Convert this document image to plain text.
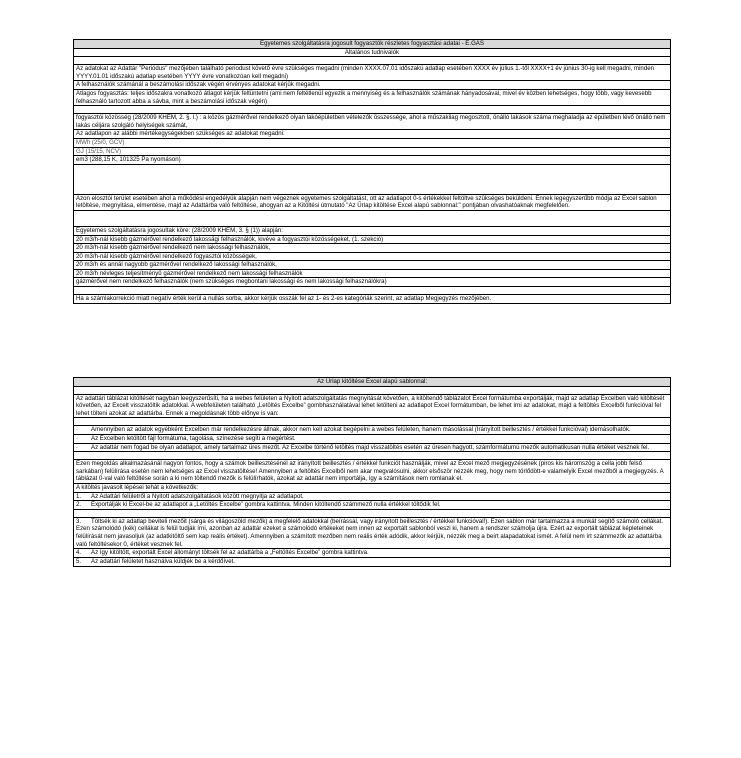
Egyetemes szolgáltatásra jogosult fogyasztók részletes fogyasztási adatai - E.GAS
Általános tudnivalók
Az adatokat az Adattár "Periódus" mezőjében található periodust követő évre szükséges megadni (minden XXXX.07.01 időszakú adatlap esetében XXXX év július 1.-től XXXX+1 év június 30-ig kell megadni, minden YYYY.01.01 időszakú adatlap esetében YYYY évre vonatkozóan kell megadni)
A felhasználók számánál a beszámolási időszak végén érvényes adatokat kérjük megadni.
Átlagos fogyasztás: teljes időszakra vonatkozó átlagot kérjük feltüntetni (ami nem feltétlenül egyezik a mennyiség és a felhasználók számának hányadosával, mivel év közben lehetséges, hogy több, vagy kevesebb felhasználó tartozott abba a sávba, mint a beszámolási időszak végén)
fogyasztói közösség (28/2009 KHEM, 2. §. l.) : a közös gázmérővel rendelkező olyan lakóépületben vételezők összessége, ahol a műszakilag megosztott, önálló lakások száma meghaladja az épületben lévő önálló nem lakás céljára szolgáló helyiségek számát,
Az adatlapon az alábbi mértékegységekben szükséges az adatokat megadni:
MWh (25/0, GCV)
GJ (15/15, NCV)
em3 (288,15 K, 101325 Pa nyomáson)
Azon elosztói terület esetében ahol a működési engedélyük alapján nem végeznek egyetemes szolgáltatást, ott az adatlapot 0-s értékekkel feltöltve szükséges beküldeni. Ennek legegyszerűbb módja az Excel sablon letöltése, megnyitása, elmentése, majd az Adattárba való feltöltése, ahogyan az a Kitöltési útmutató "Az Űrlap kitöltése Excel alapú sablonnal:" pontjában olvashatóaknak megfelelően.
Egyetemes szolgáltatásra jogosultak köre: (28/2009 KHEM, 3. § (1)) alapján:
20 m3/h-nál kisebb gázmérővel rendelkező lakossági felhasználók, kivéve a fogyasztói közösségeket, (1. szekció)
20 m3/h-nál kisebb gázmérővel rendelkező nem lakossági felhasználók,
20 m3/h-nál kisebb gázmérővel rendelkező fogyasztói közösségek,
20 m3/h és annál nagyobb gázmérővel rendelkező lakossági felhasználók,
20 m3/h névleges teljesítményű gázmérővel rendelkező nem lakossági felhasználók
gázmérővel nem rendelkező felhasználók (nem szükséges megbontani lakossági és nem lakossági felhasználókra)
Ha a számlakorrekció miatt negatív érték kerül a nullás sorba, akkor kérjük osszák fel az 1- és 2-es kategóriák szerint, az adatlap Megjegyzés mezőjében.
Az Űrlap kitöltése Excel alapú sablonnal:
Az adattári táblázat kitöltését nagyban leegyszerűsíti, ha a webes felületen a Nyitott adatszolgáltatás megnyitását követően, a kitöltendő táblázatot Excel formátumba exportálják, majd az adatlap Excelben való kitöltését követően, az Excelt visszatöltik adatokkal. A webfelületen található „Letöltés Excelbe” gombhasználatával lehet letölteni az adatlapot Excel formátumban, be lehet írni az adatokat, majd a feltöltés Excelből funkcióval fel lehet tölteni azokat az adattárba. Ennek a megoldásnak több előnye is van:
· Amennyiben az adatok egyébként Excelben már rendelkezésre állnak, akkor nem kell azokat begépelni a webes felületen, hanem másolással (Irányított beillesztés / értékkel funkcióval) idemásolhatók.
· Az Excelben letöltött fájl formátuma, tagolása, színezése segíti a megértést.
· Az adattár nem fogad be olyan adatlapot, amely tartalmaz üres mezőt. Az Excelbe történő letöltés majd visszatöltés esetén az üresen hagyott, számformátumú mezők automatikusan nulla értéket vesznek fel.
Ezen megoldás alkalmazásánál nagyon fontos, hogy a számok beillesztésénél az irányított beillesztés / értékkel funkciót használják, mivel az Excel mező megjegyzésének (piros kis háromszög a cella jobb felső sarkában) felülírása esetén nem lehetséges az Excel visszatöltése! Amennyiben a feltöltés Excelből nem akar megvalósulni, akkor elsőször nézzék meg, hogy nem törlődött-e valamelyik Excel mezőből a megjegyzés. A táblázat 0-val való feltöltése során a ki nem töltendő mezők is felülírhatók, azokat az adattár nem importálja, így a számítások nem romlanak el.
A kitöltés javasolt lépései tehát a következők:
1. Az Adattári felületről a Nyitott adatszolgáltatások között megnyitja az adatlapot.
2. Exportálják ki Excel-be az adatlapot a „Letöltés Excelbe” gombra kattintva. Minden kitöltendő számmező nulla értékkel töltődik fel.
3. Töltsék ki az adatlap beviteli mezőit (sárga és világoszöld mezők) a megfelelő adatokkal (beírással, vagy irányított beillesztés / értékkel funkcióval!). Ezen sablon már tartalmazza a munkát segítő számoló cellákat. Ezen számolódó (kék) cellákat is felül tudják írni, azonban az adattár ezeket a számolódó értékeket nem innen az exportált sablonból veszi ki, hanem a rendszer számolja újra. Ezért az exportált táblázat képleteinek felülírását nem javasoljuk (az adatkitöltő sem kap reális értéket). Amennyiben a számított mezőben nem reális érték adódik, akkor kérjük, nézzék meg a beírt alapadatokat ismét. A felül nem írt számmezők az adattárba való feltöltésekor 0, értéket vesznek fel.
4. Az így kitöltött, exportált Excel állományt töltsék fel az adattárba a „Feltöltés Excelbe” gombra kattintva.
5. Az adattári felületet használva küldjék be a kérdőívet.
